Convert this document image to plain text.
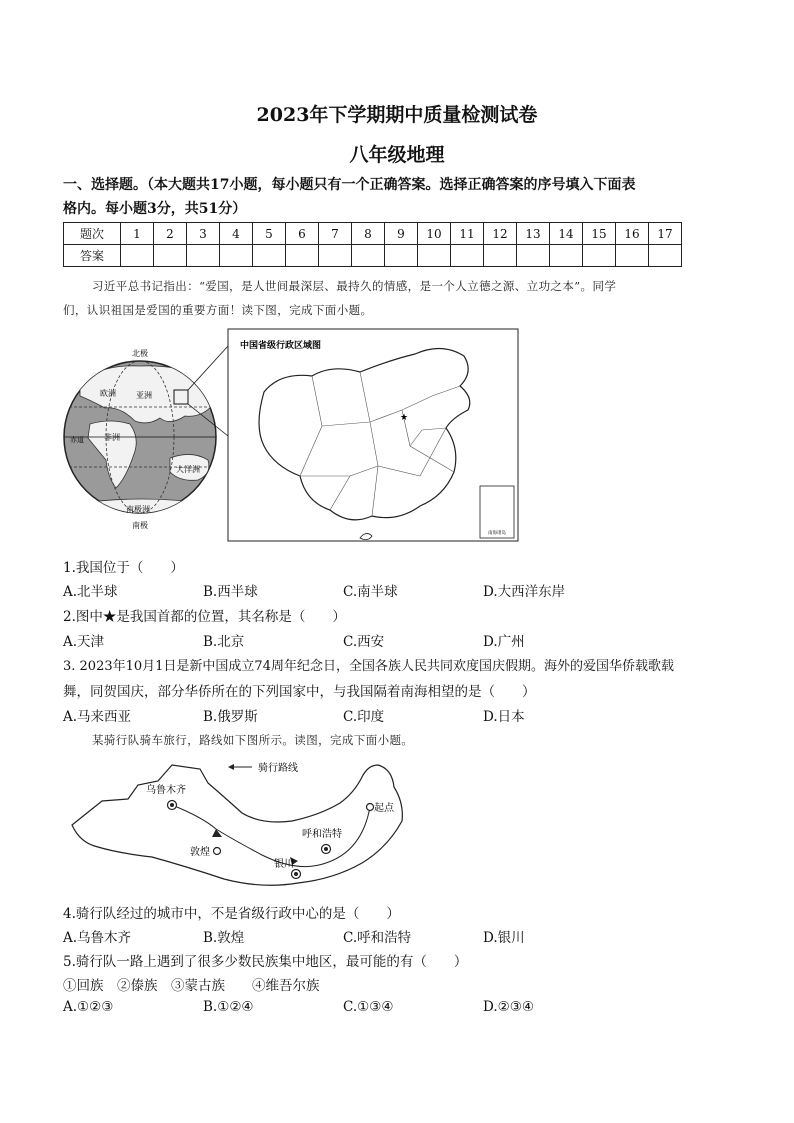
2023年下学期期中质量检测试卷
八年级地理
一、选择题。（本大题共17小题，每小题只有一个正确答案。选择正确答案的序号填入下面表
格内。每小题3分，共51分）
题次	1	2	3	4	5	6	7	8	9	10	11	12	13	14	15	16	17
答案																	
习近平总书记指出：“爱国，是人世间最深层、最持久的情感，是一个人立德之源、立功之本”。同学
们，认识祖国是爱国的重要方面！读下图，完成下面小题。
北极
欧洲	亚洲
非洲
赤道
大洋洲
南极洲
南极
中国省级行政区域图
★
南海诸岛
1.我国位于（　　）
A.北半球	B.西半球	C.南半球	D.大西洋东岸
2.图中★是我国首都的位置，其名称是（　　）
A.天津	B.北京	C.西安	D.广州
3. 2023年10月1日是新中国成立74周年纪念日，全国各族人民共同欢度国庆假期。海外的爱国华侨载歌载
舞，同贺国庆，部分华侨所在的下列国家中，与我国隔着南海相望的是（　　）
A.马来西亚	B.俄罗斯	C.印度	D.日本
某骑行队骑车旅行，路线如下图所示。读图，完成下面小题。
骑行路线
乌鲁木齐
起点
呼和浩特
敦煌
银川
4.骑行队经过的城市中，不是省级行政中心的是（　　）
A.乌鲁木齐	B.敦煌	C.呼和浩特	D.银川
5.骑行队一路上遇到了很多少数民族集中地区，最可能的有（　　）
①回族　②傣族　③蒙古族　　④维吾尔族
A.①②③	B.①②④	C.①③④	D.②③④
